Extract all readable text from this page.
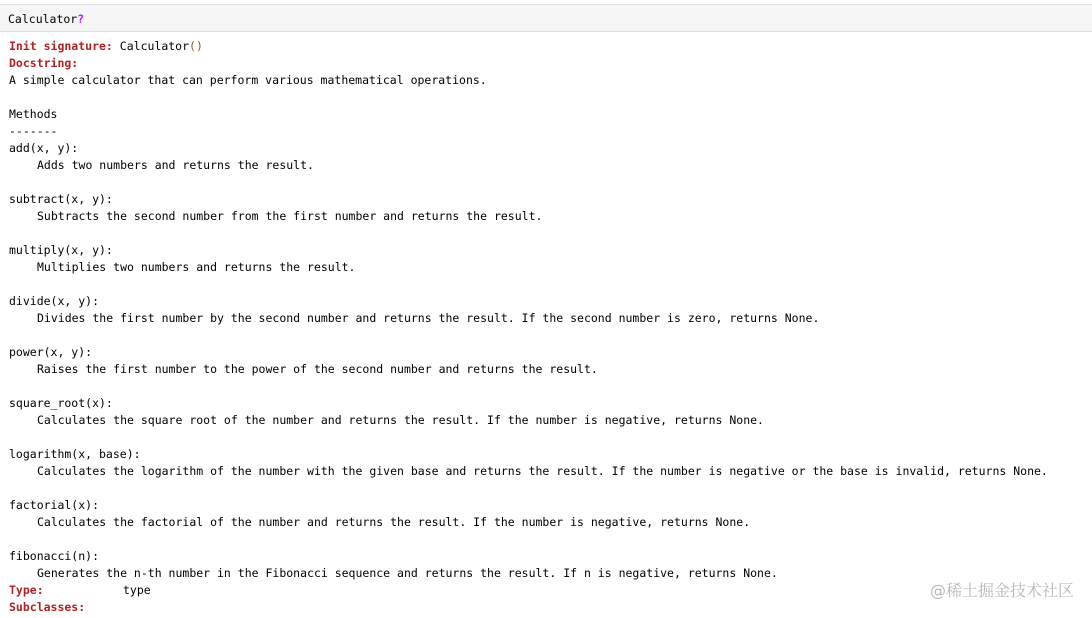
Calculator?
Init signature: Calculator()
Docstring:
A simple calculator that can perform various mathematical operations.
Methods
-------
add(x, y):
Adds two numbers and returns the result.
subtract(x, y):
Subtracts the second number from the first number and returns the result.
multiply(x, y):
Multiplies two numbers and returns the result.
divide(x, y):
Divides the first number by the second number and returns the result. If the second number is zero, returns None.
power(x, y):
Raises the first number to the power of the second number and returns the result.
square_root(x):
Calculates the square root of the number and returns the result. If the number is negative, returns None.
logarithm(x, base):
Calculates the logarithm of the number with the given base and returns the result. If the number is negative or the base is invalid, returns None.
factorial(x):
Calculates the factorial of the number and returns the result. If the number is negative, returns None.
fibonacci(n):
Generates the n-th number in the Fibonacci sequence and returns the result. If n is negative, returns None.
Type:	type
Subclasses:
@稀土掘金技术社区
